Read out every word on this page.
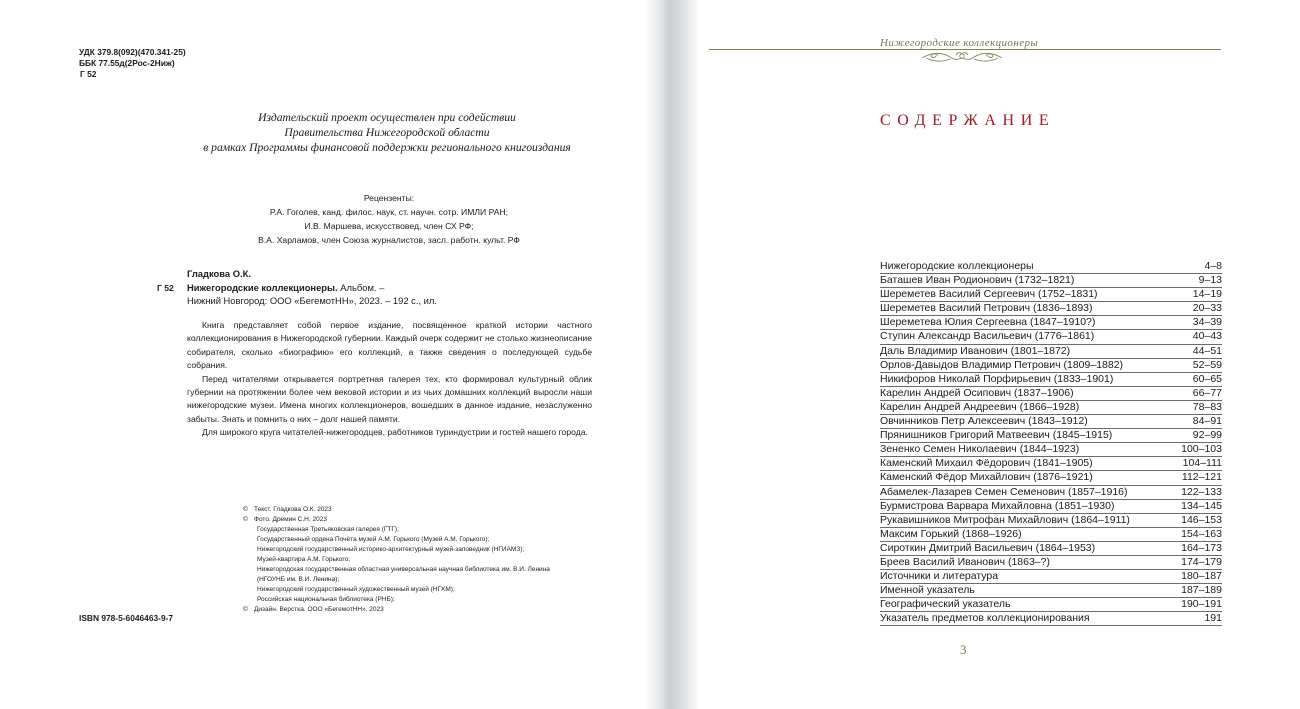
УДК 379.8(092)(470.341-25)
ББК 77.55д(2Рос-2Ниж)
Г 52
Издательский проект осуществлен при содействии
Правительства Нижегородской области
в рамках Программы финансовой поддержки регионального книгоиздания
Рецензенты:
Р.А. Гоголев, канд. филос. наук, ст. научн. сотр. ИМЛИ РАН;
И.В. Маршева, искусствовед, член СХ РФ;
В.А. Харламов, член Союза журналистов, засл. работн. культ. РФ
Г 52
Гладкова О.К.
Нижегородские коллекционеры. Альбом. –
Нижний Новгород: ООО «БегемотНН», 2023. – 192 с., ил.

Книга представляет собой первое издание, посвященное краткой истории частного коллекционирования в Нижегородской губернии. Каждый очерк содержит не столько жизнеописание собирателя, сколько «биографию» его коллекций, а также сведения о последующей судьбе собрания.

Перед читателями открывается портретная галерея тех, кто формировал культурный облик губернии на протяжении более чем вековой истории и из чьих домашних коллекций выросли наши нижегородские музеи. Имена многих коллекционеров, вошедших в данное издание, незаслуженно забыты. Знать и помнить о них – долг нашей памяти.

Для широкого круга читателей-нижегородцев, работников туриндустрии и гостей нашего города.

© Текст. Гладкова О.К. 2023
© Фото. Дремин С.Н. 2023
Государственная Третьяковская галерея (ГТГ);
Государственный ордена Почёта музей А.М. Горького (Музей А.М. Горького);
Нижегородский государственный историко-архитектурный музей-заповедник (НГИАМЗ);
Музей-квартира А.М. Горького;
Нижегородская государственная областная универсальная научная библиотека им. В.И. Ленина
(НГОУНБ им. В.И. Ленина);
Нижегородский государственный художественный музей (НГХМ);
Российская национальная библиотека (РНБ);
© Дизайн. Верстка. ООО «БегемотНН». 2023
ISBN 978-5-6046463-9-7
Нижегородские коллекционеры
СОДЕРЖАНИЕ
Нижегородские коллекционеры	4–8
Баташев Иван Родионович (1732–1821)	9–13
Шереметев Василий Сергеевич (1752–1831)	14–19
Шереметев Василий Петрович (1836–1893)	20–33
Шереметева Юлия Сергеевна (1847–1910?)	34–39
Ступин Александр Васильевич (1776–1861)	40–43
Даль Владимир Иванович (1801–1872)	44–51
Орлов-Давыдов Владимир Петрович (1809–1882)	52–59
Никифоров Николай Порфирьевич (1833–1901)	60–65
Карелин Андрей Осипович (1837–1906)	66–77
Карелин Андрей Андреевич (1866–1928)	78–83
Овчинников Петр Алексеевич (1843–1912)	84–91
Прянишников Григорий Матвеевич (1845–1915)	92–99
Зененко Семен Николаевич (1844–1923)	100–103
Каменский Михаил Фёдорович (1841–1905)	104–111
Каменский Фёдор Михайлович (1876–1921)	112–121
Абамелек-Лазарев Семен Семенович (1857–1916)	122–133
Бурмистрова Варвара Михайловна (1851–1930)	134–145
Рукавишников Митрофан Михайлович (1864–1911)	146–153
Максим Горький (1868–1926)	154–163
Сироткин Дмитрий Васильевич (1864–1953)	164–173
Бреев Василий Иванович (1863–?)	174–179
Источники и литература	180–187
Именной указатель	187–189
Географический указатель	190–191
Указатель предметов коллекционирования	191
3
